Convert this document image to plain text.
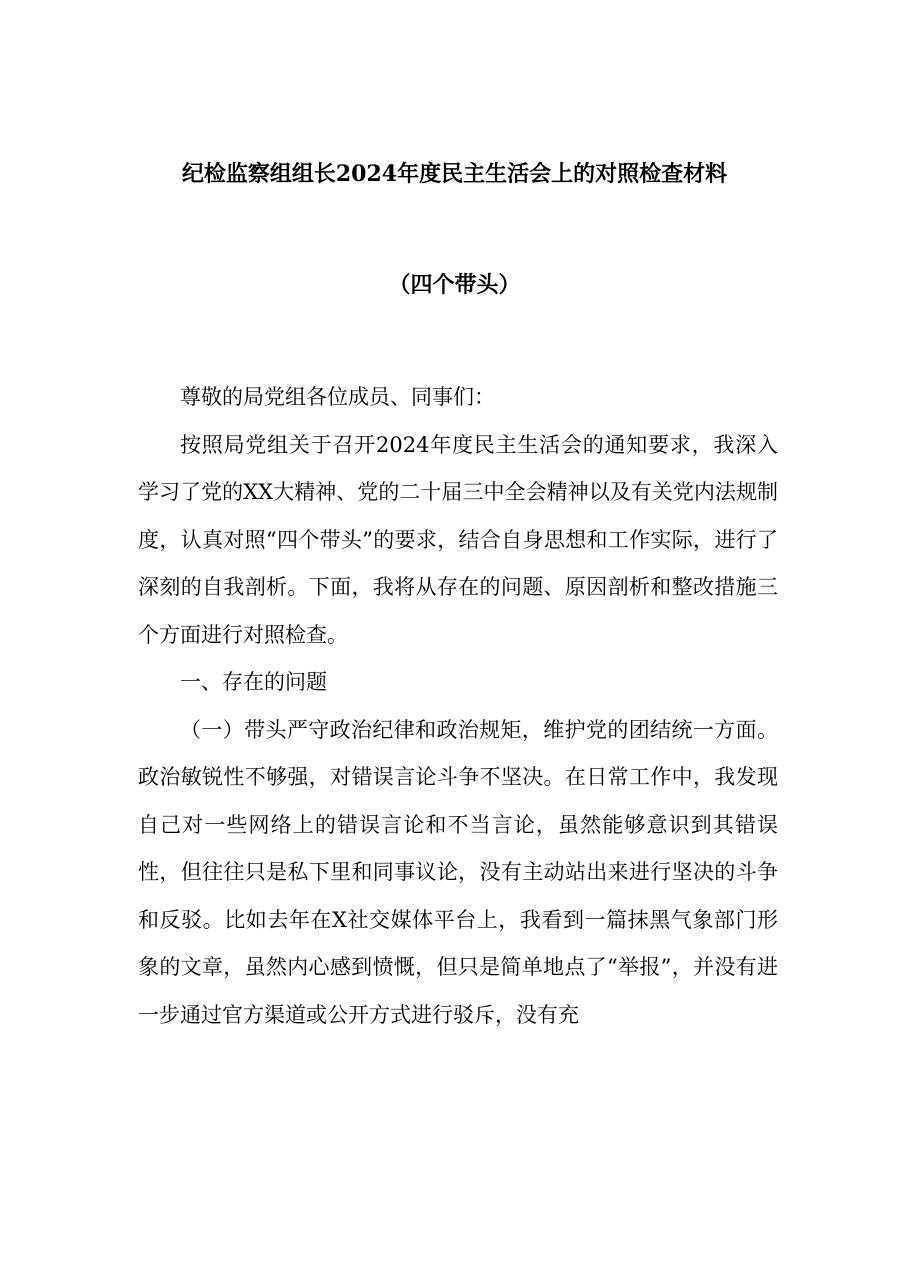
纪检监察组组长2024年度民主生活会上的对照检查材料
（四个带头）

尊敬的局党组各位成员、同事们：

按照局党组关于召开2024年度民主生活会的通知要求，我深入学习了党的XX大精神、党的二十届三中全会精神以及有关党内法规制度，认真对照“四个带头”的要求，结合自身思想和工作实际，进行了深刻的自我剖析。下面，我将从存在的问题、原因剖析和整改措施三个方面进行对照检查。

一、存在的问题

（一）带头严守政治纪律和政治规矩，维护党的团结统一方面。政治敏锐性不够强，对错误言论斗争不坚决。在日常工作中，我发现自己对一些网络上的错误言论和不当言论，虽然能够意识到其错误性，但往往只是私下里和同事议论，没有主动站出来进行坚决的斗争和反驳。比如去年在X社交媒体平台上，我看到一篇抹黑气象部门形象的文章，虽然内心感到愤慨，但只是简单地点了“举报”，并没有进一步通过官方渠道或公开方式进行驳斥，没有充
